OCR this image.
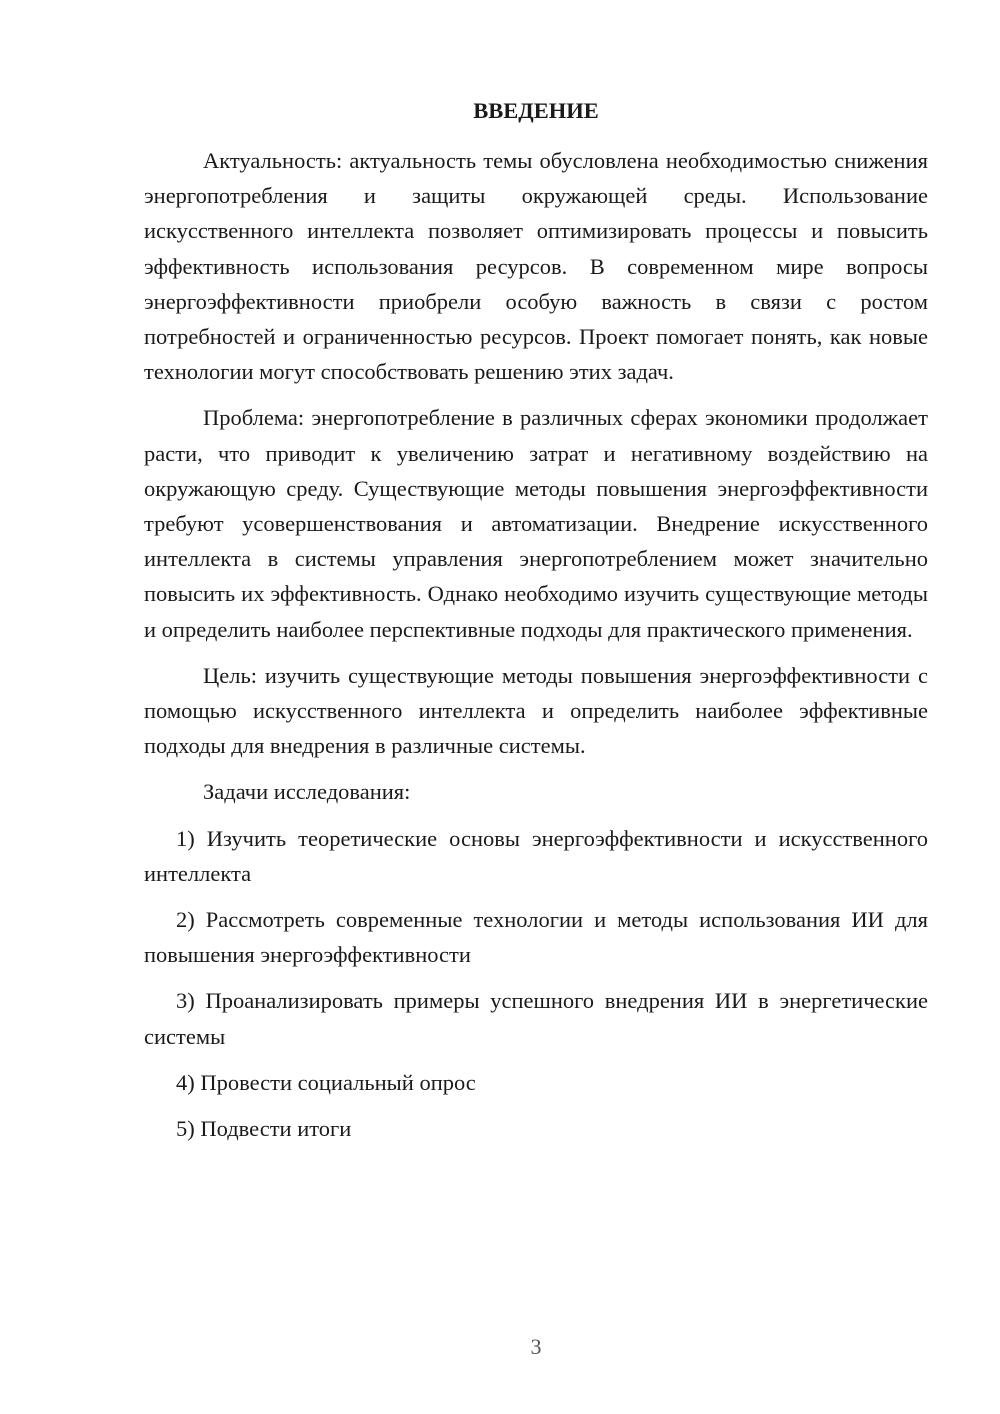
ВВЕДЕНИЕ

Актуальность: актуальность темы обусловлена необходимостью снижения энергопотребления и защиты окружающей среды. Использование искусственного интеллекта позволяет оптимизировать процессы и повысить эффективность использования ресурсов. В современном мире вопросы энергоэффективности приобрели особую важность в связи с ростом потребностей и ограниченностью ресурсов. Проект помогает понять, как новые технологии могут способствовать решению этих задач.

Проблема: энергопотребление в различных сферах экономики продолжает расти, что приводит к увеличению затрат и негативному воздействию на окружающую среду. Существующие методы повышения энергоэффективности требуют усовершенствования и автоматизации. Внедрение искусственного интеллекта в системы управления энергопотреблением может значительно повысить их эффективность. Однако необходимо изучить существующие методы и определить наиболее перспективные подходы для практического применения.

Цель: изучить существующие методы повышения энергоэффективности с помощью искусственного интеллекта и определить наиболее эффективные подходы для внедрения в различные системы.

Задачи исследования:

1) Изучить теоретические основы энергоэффективности и искусственного интеллекта

2) Рассмотреть современные технологии и методы использования ИИ для повышения энергоэффективности

3) Проанализировать примеры успешного внедрения ИИ в энергетические системы

4) Провести социальный опрос

5) Подвести итоги

3
